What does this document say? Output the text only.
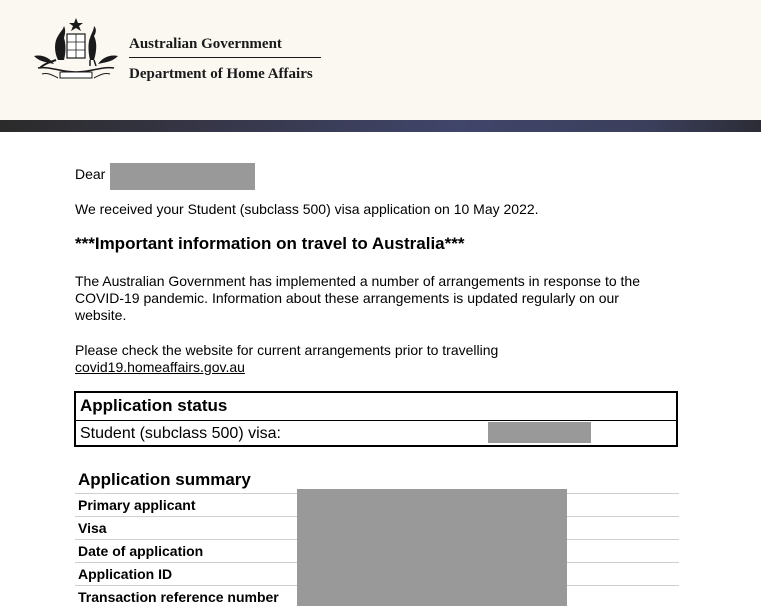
Australian Government
Department of Home Affairs
Dear
We received your Student (subclass 500) visa application on 10 May 2022.
***Important information on travel to Australia***
The Australian Government has implemented a number of arrangements in response to the
COVID-19 pandemic. Information about these arrangements is updated regularly on our
website.
Please check the website for current arrangements prior to travelling
covid19.homeaffairs.gov.au
Application status
Student (subclass 500) visa:
Application summary
Primary applicant
Visa
Date of application
Application ID
Transaction reference number
